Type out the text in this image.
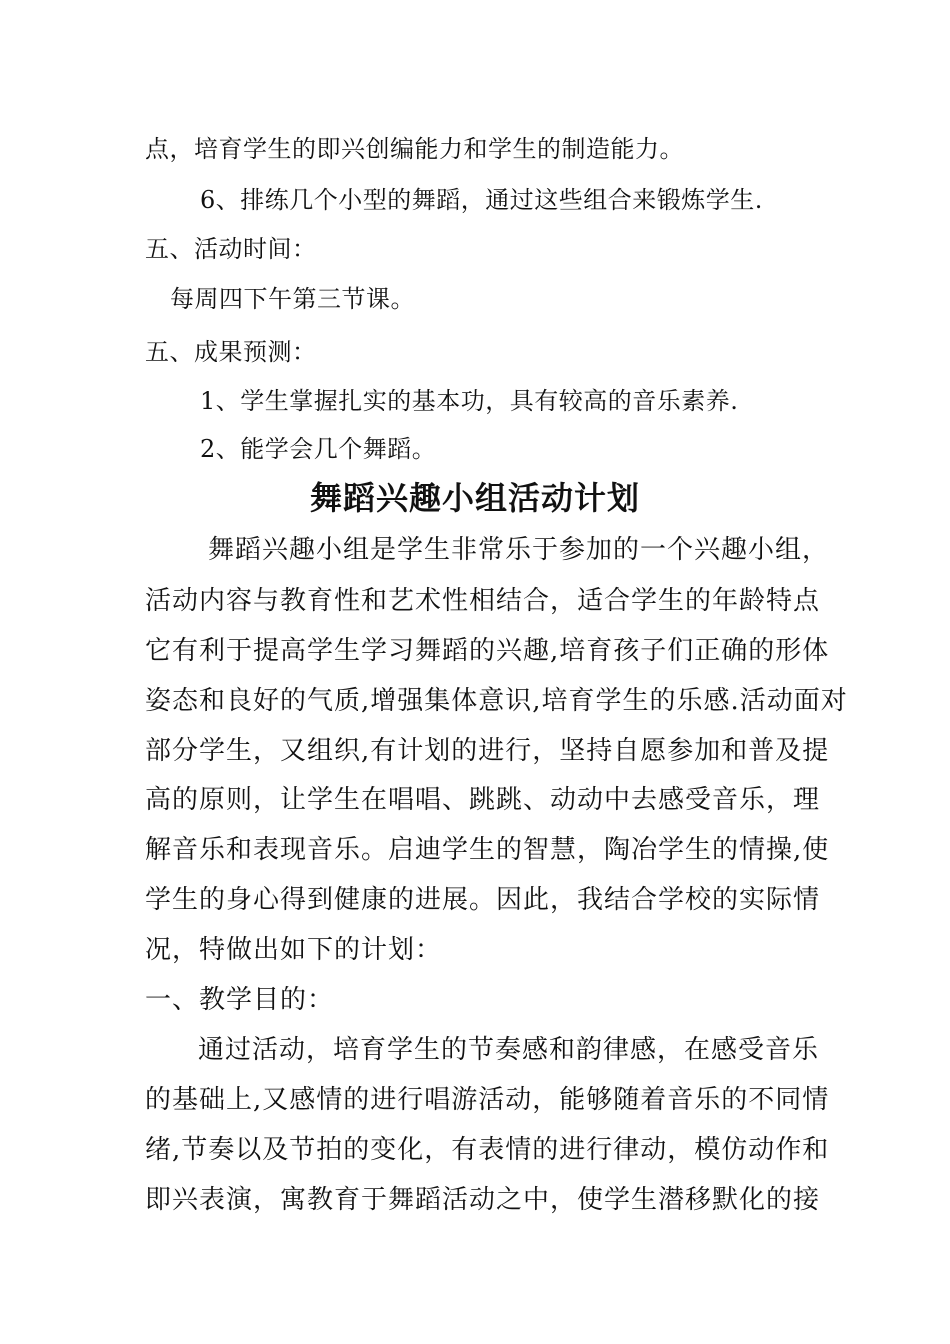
点，培育学生的即兴创编能力和学生的制造能力。
6、排练几个小型的舞蹈，通过这些组合来锻炼学生.
五、活动时间：
每周四下午第三节课。
五、成果预测：
1、学生掌握扎实的基本功，具有较高的音乐素养.
2、能学会几个舞蹈。
舞蹈兴趣小组活动计划
舞蹈兴趣小组是学生非常乐于参加的一个兴趣小组，
活动内容与教育性和艺术性相结合，适合学生的年龄特点
它有利于提高学生学习舞蹈的兴趣,培育孩子们正确的形体
姿态和良好的气质,增强集体意识,培育学生的乐感.活动面对
部分学生，又组织,有计划的进行，坚持自愿参加和普及提
高的原则，让学生在唱唱、跳跳、动动中去感受音乐，理
解音乐和表现音乐。启迪学生的智慧，陶冶学生的情操,使
学生的身心得到健康的进展。因此，我结合学校的实际情
况，特做出如下的计划：
一、教学目的：
通过活动，培育学生的节奏感和韵律感，在感受音乐
的基础上,又感情的进行唱游活动，能够随着音乐的不同情
绪,节奏以及节拍的变化，有表情的进行律动，模仿动作和
即兴表演，寓教育于舞蹈活动之中，使学生潜移默化的接
